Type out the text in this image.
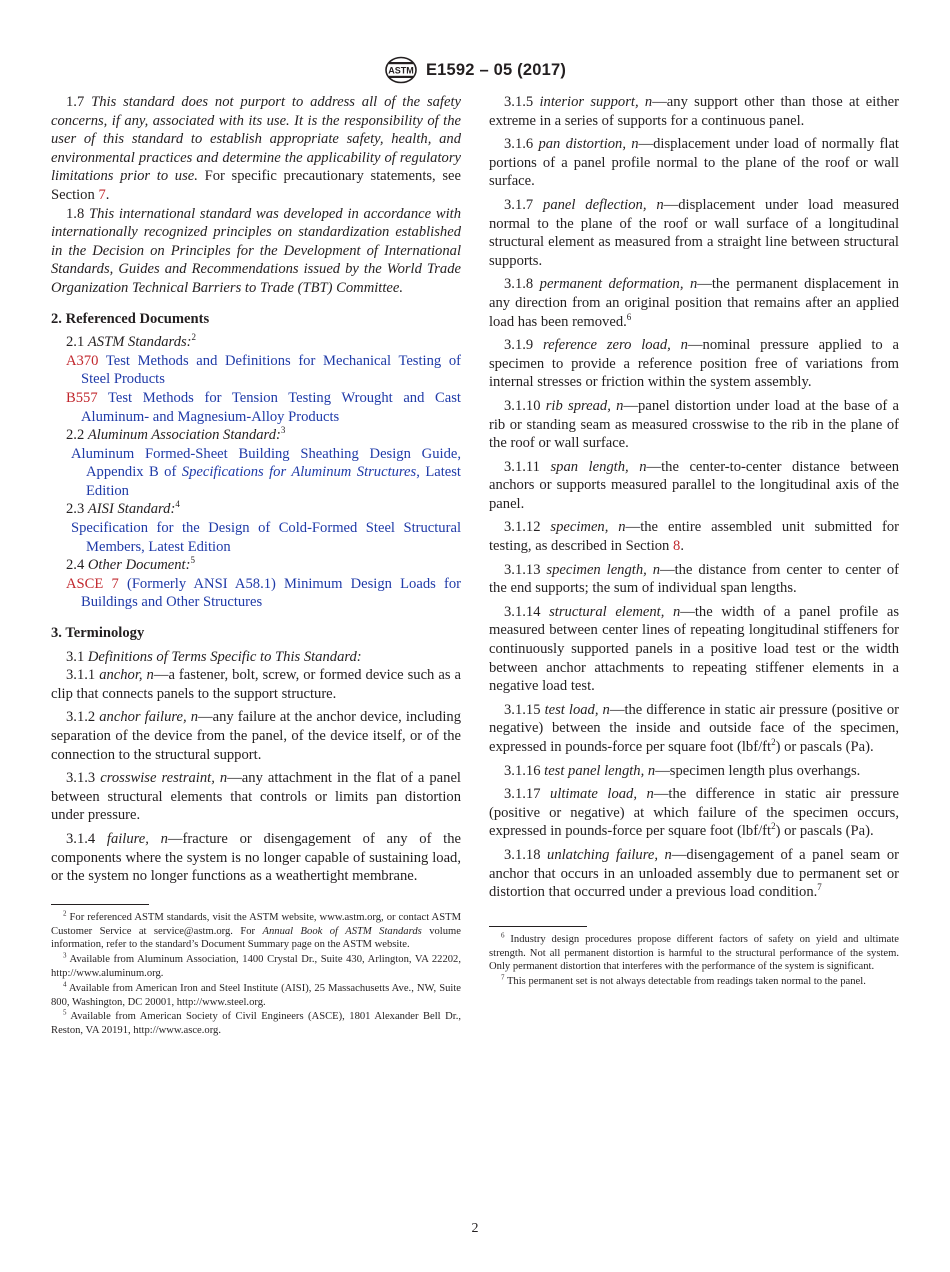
ASTM E1592 – 05 (2017)

1.7 This standard does not purport to address all of the safety concerns, if any, associated with its use. It is the responsibility of the user of this standard to establish appropriate safety, health, and environmental practices and determine the applicability of regulatory limitations prior to use. For specific precautionary statements, see Section 7.

1.8 This international standard was developed in accordance with internationally recognized principles on standardization established in the Decision on Principles for the Development of International Standards, Guides and Recommendations issued by the World Trade Organization Technical Barriers to Trade (TBT) Committee.

2. Referenced Documents

2.1 ASTM Standards:$^2$

A370 Test Methods and Definitions for Mechanical Testing of Steel Products

B557 Test Methods for Tension Testing Wrought and Cast Aluminum- and Magnesium-Alloy Products

2.2 Aluminum Association Standard:$^3$

Aluminum Formed-Sheet Building Sheathing Design Guide, Appendix B of Specifications for Aluminum Structures, Latest Edition

2.3 AISI Standard:$^4$

Specification for the Design of Cold-Formed Steel Structural Members, Latest Edition

2.4 Other Document:$^5$

ASCE 7 (Formerly ANSI A58.1) Minimum Design Loads for Buildings and Other Structures

3. Terminology

3.1 Definitions of Terms Specific to This Standard:

3.1.1 anchor, n—a fastener, bolt, screw, or formed device such as a clip that connects panels to the support structure.

3.1.2 anchor failure, n—any failure at the anchor device, including separation of the device from the panel, of the device itself, or of the connection to the structural support.

3.1.3 crosswise restraint, n—any attachment in the flat of a panel between structural elements that controls or limits pan distortion under pressure.

3.1.4 failure, n—fracture or disengagement of any of the components where the system is no longer capable of sustaining load, or the system no longer functions as a weathertight membrane.

$^2$ For referenced ASTM standards, visit the ASTM website, www.astm.org, or contact ASTM Customer Service at service@astm.org. For Annual Book of ASTM Standards volume information, refer to the standard’s Document Summary page on the ASTM website.

$^3$ Available from Aluminum Association, 1400 Crystal Dr., Suite 430, Arlington, VA 22202, http://www.aluminum.org.

$^4$ Available from American Iron and Steel Institute (AISI), 25 Massachusetts Ave., NW, Suite 800, Washington, DC 20001, http://www.steel.org.

$^5$ Available from American Society of Civil Engineers (ASCE), 1801 Alexander Bell Dr., Reston, VA 20191, http://www.asce.org.

3.1.5 interior support, n—any support other than those at either extreme in a series of supports for a continuous panel.

3.1.6 pan distortion, n—displacement under load of normally flat portions of a panel profile normal to the plane of the roof or wall surface.

3.1.7 panel deflection, n—displacement under load measured normal to the plane of the roof or wall surface of a longitudinal structural element as measured from a straight line between structural supports.

3.1.8 permanent deformation, n—the permanent displacement in any direction from an original position that remains after an applied load has been removed.$^6$

3.1.9 reference zero load, n—nominal pressure applied to a specimen to provide a reference position free of variations from internal stresses or friction within the system assembly.

3.1.10 rib spread, n—panel distortion under load at the base of a rib or standing seam as measured crosswise to the rib in the plane of the roof or wall surface.

3.1.11 span length, n—the center-to-center distance between anchors or supports measured parallel to the longitudinal axis of the panel.

3.1.12 specimen, n—the entire assembled unit submitted for testing, as described in Section 8.

3.1.13 specimen length, n—the distance from center to center of the end supports; the sum of individual span lengths.

3.1.14 structural element, n—the width of a panel profile as measured between center lines of repeating longitudinal stiffeners for continuously supported panels in a positive load test or the width between anchor attachments to repeating stiffener elements in a negative load test.

3.1.15 test load, n—the difference in static air pressure (positive or negative) between the inside and outside face of the specimen, expressed in pounds-force per square foot $(lbf/ft^2)$ or pascals (Pa).

3.1.16 test panel length, n—specimen length plus overhangs.

3.1.17 ultimate load, n—the difference in static air pressure (positive or negative) at which failure of the specimen occurs, expressed in pounds-force per square foot $(lbf/ft^2)$ or pascals (Pa).

3.1.18 unlatching failure, n—disengagement of a panel seam or anchor that occurs in an unloaded assembly due to permanent set or distortion that occurred under a previous load condition.$^7$

$^6$ Industry design procedures propose different factors of safety on yield and ultimate strength. Not all permanent distortion is harmful to the structural performance of the system. Only permanent distortion that interferes with the performance of the system is significant.

$^7$ This permanent set is not always detectable from readings taken normal to the panel.

2
